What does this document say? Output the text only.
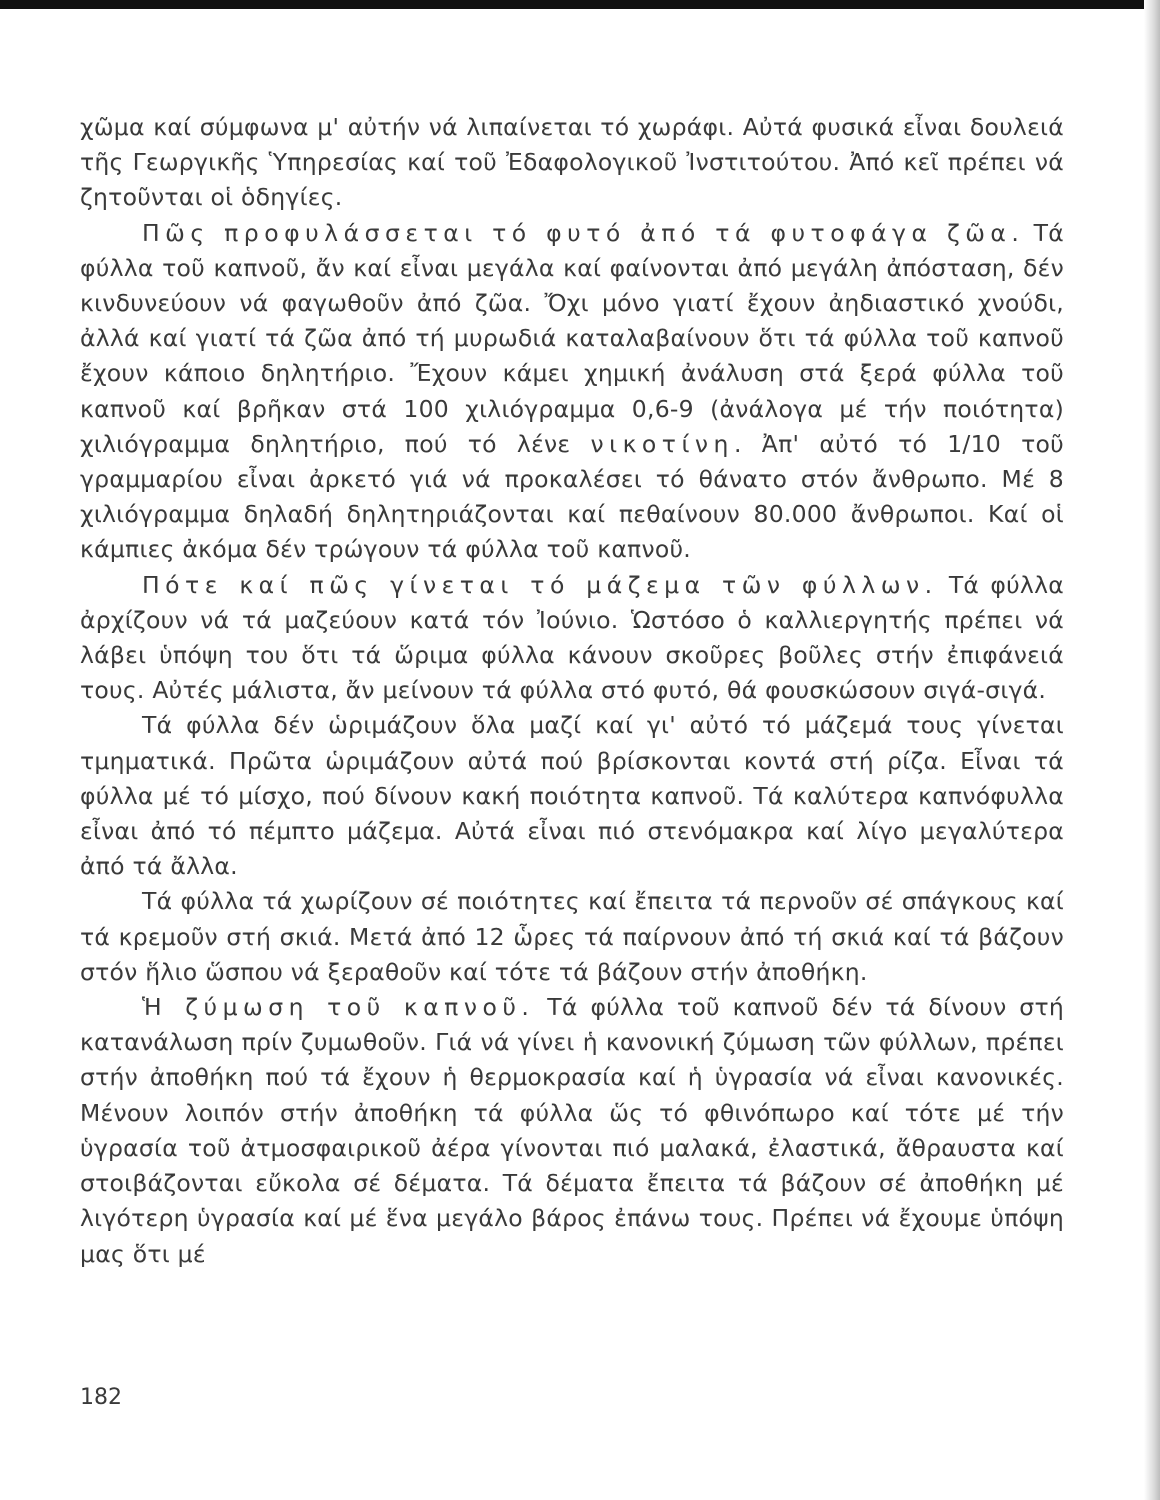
χῶμα καί σύμφωνα μ' αὐτήν νά λιπαίνεται τό χωράφι. Αὐτά φυσικά εἶναι δουλειά τῆς Γεωργικῆς Ὑπηρεσίας καί τοῦ Ἐδαφολογικοῦ Ἰνστιτούτου. Ἀπό κεῖ πρέπει νά ζητοῦνται οἱ ὁδηγίες.

Πῶς προφυλάσσεται τό φυτό ἀπό τά φυτοφάγα ζῶα. Τά φύλλα τοῦ καπνοῦ, ἄν καί εἶναι μεγάλα καί φαίνονται ἀπό μεγάλη ἀπόσταση, δέν κινδυνεύουν νά φαγωθοῦν ἀπό ζῶα. Ὄχι μόνο γιατί ἔχουν ἀηδιαστικό χνούδι, ἀλλά καί γιατί τά ζῶα ἀπό τή μυρωδιά καταλαβαίνουν ὅτι τά φύλλα τοῦ καπνοῦ ἔχουν κάποιο δηλητήριο. Ἔχουν κάμει χημική ἀνάλυση στά ξερά φύλλα τοῦ καπνοῦ καί βρῆκαν στά 100 χιλιόγραμμα 0,6-9 (ἀνάλογα μέ τήν ποιότητα) χιλιόγραμμα δηλητήριο, πού τό λένε νικοτίνη. Ἀπ' αὐτό τό 1/10 τοῦ γραμμαρίου εἶναι ἀρκετό γιά νά προκαλέσει τό θάνατο στόν ἄνθρωπο. Μέ 8 χιλιόγραμμα δηλαδή δηλητηριάζονται καί πεθαίνουν 80.000 ἄνθρωποι. Καί οἱ κάμπιες ἀκόμα δέν τρώγουν τά φύλλα τοῦ καπνοῦ.

Πότε καί πῶς γίνεται τό μάζεμα τῶν φύλλων. Τά φύλλα ἀρχίζουν νά τά μαζεύουν κατά τόν Ἰούνιο. Ὡστόσο ὁ καλλιεργητής πρέπει νά λάβει ὑπόψη του ὅτι τά ὥριμα φύλλα κάνουν σκοῦρες βοῦλες στήν ἐπιφάνειά τους. Αὐτές μάλιστα, ἄν μείνουν τά φύλλα στό φυτό, θά φουσκώσουν σιγά-σιγά.

Τά φύλλα δέν ὡριμάζουν ὅλα μαζί καί γι' αὐτό τό μάζεμά τους γίνεται τμηματικά. Πρῶτα ὡριμάζουν αὐτά πού βρίσκονται κοντά στή ρίζα. Εἶναι τά φύλλα μέ τό μίσχο, πού δίνουν κακή ποιότητα καπνοῦ. Τά καλύτερα καπνόφυλλα εἶναι ἀπό τό πέμπτο μάζεμα. Αὐτά εἶναι πιό στενόμακρα καί λίγο μεγαλύτερα ἀπό τά ἄλλα.

Τά φύλλα τά χωρίζουν σέ ποιότητες καί ἔπειτα τά περνοῦν σέ σπάγκους καί τά κρεμοῦν στή σκιά. Μετά ἀπό 12 ὧρες τά παίρνουν ἀπό τή σκιά καί τά βάζουν στόν ἥλιο ὥσπου νά ξεραθοῦν καί τότε τά βάζουν στήν ἀποθήκη.

Ἡ ζύμωση τοῦ καπνοῦ. Τά φύλλα τοῦ καπνοῦ δέν τά δίνουν στή κατανάλωση πρίν ζυμωθοῦν. Γιά νά γίνει ἡ κανονική ζύμωση τῶν φύλλων, πρέπει στήν ἀποθήκη πού τά ἔχουν ἡ θερμοκρασία καί ἡ ὑγρασία νά εἶναι κανονικές. Μένουν λοιπόν στήν ἀποθήκη τά φύλλα ὥς τό φθινόπωρο καί τότε μέ τήν ὑγρασία τοῦ ἀτμοσφαιρικοῦ ἀέρα γίνονται πιό μαλακά, ἐλαστικά, ἄθραυστα καί στοιβάζονται εὔκολα σέ δέματα. Τά δέματα ἔπειτα τά βάζουν σέ ἀποθήκη μέ λιγότερη ὑγρασία καί μέ ἕνα μεγάλο βάρος ἐπάνω τους. Πρέπει νά ἔχουμε ὑπόψη μας ὅτι μέ

182
